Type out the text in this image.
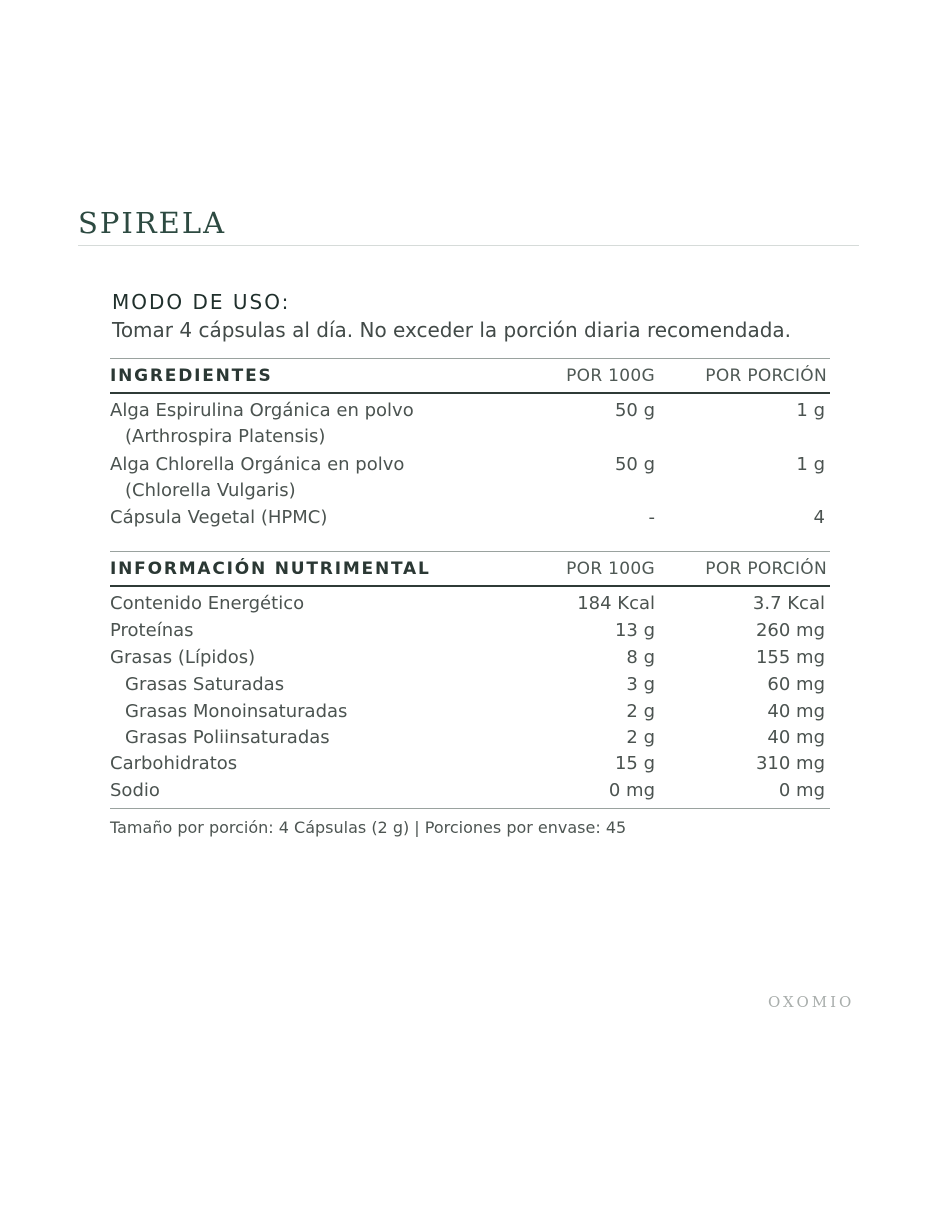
SPIRELA
MODO DE USO:

Tomar 4 cápsulas al día. No exceder la porción diaria recomendada.

INGREDIENTES	POR 100G	POR PORCIÓN
Alga Espirulina Orgánica en polvo	50 g	1 g
(Arthrospira Platensis)
Alga Chlorella Orgánica en polvo	50 g	1 g
(Chlorella Vulgaris)
Cápsula Vegetal (HPMC)	-	4
INFORMACIÓN NUTRIMENTAL	POR 100G	POR PORCIÓN
Contenido Energético	184 Kcal	3.7 Kcal
Proteínas	13 g	260 mg
Grasas (Lípidos)	8 g	155 mg
Grasas Saturadas	3 g	60 mg
Grasas Monoinsaturadas	2 g	40 mg
Grasas Poliinsaturadas	2 g	40 mg
Carbohidratos	15 g	310 mg
Sodio	0 mg	0 mg

Tamaño por porción: 4 Cápsulas (2 g) | Porciones por envase: 45

OXOMIO
